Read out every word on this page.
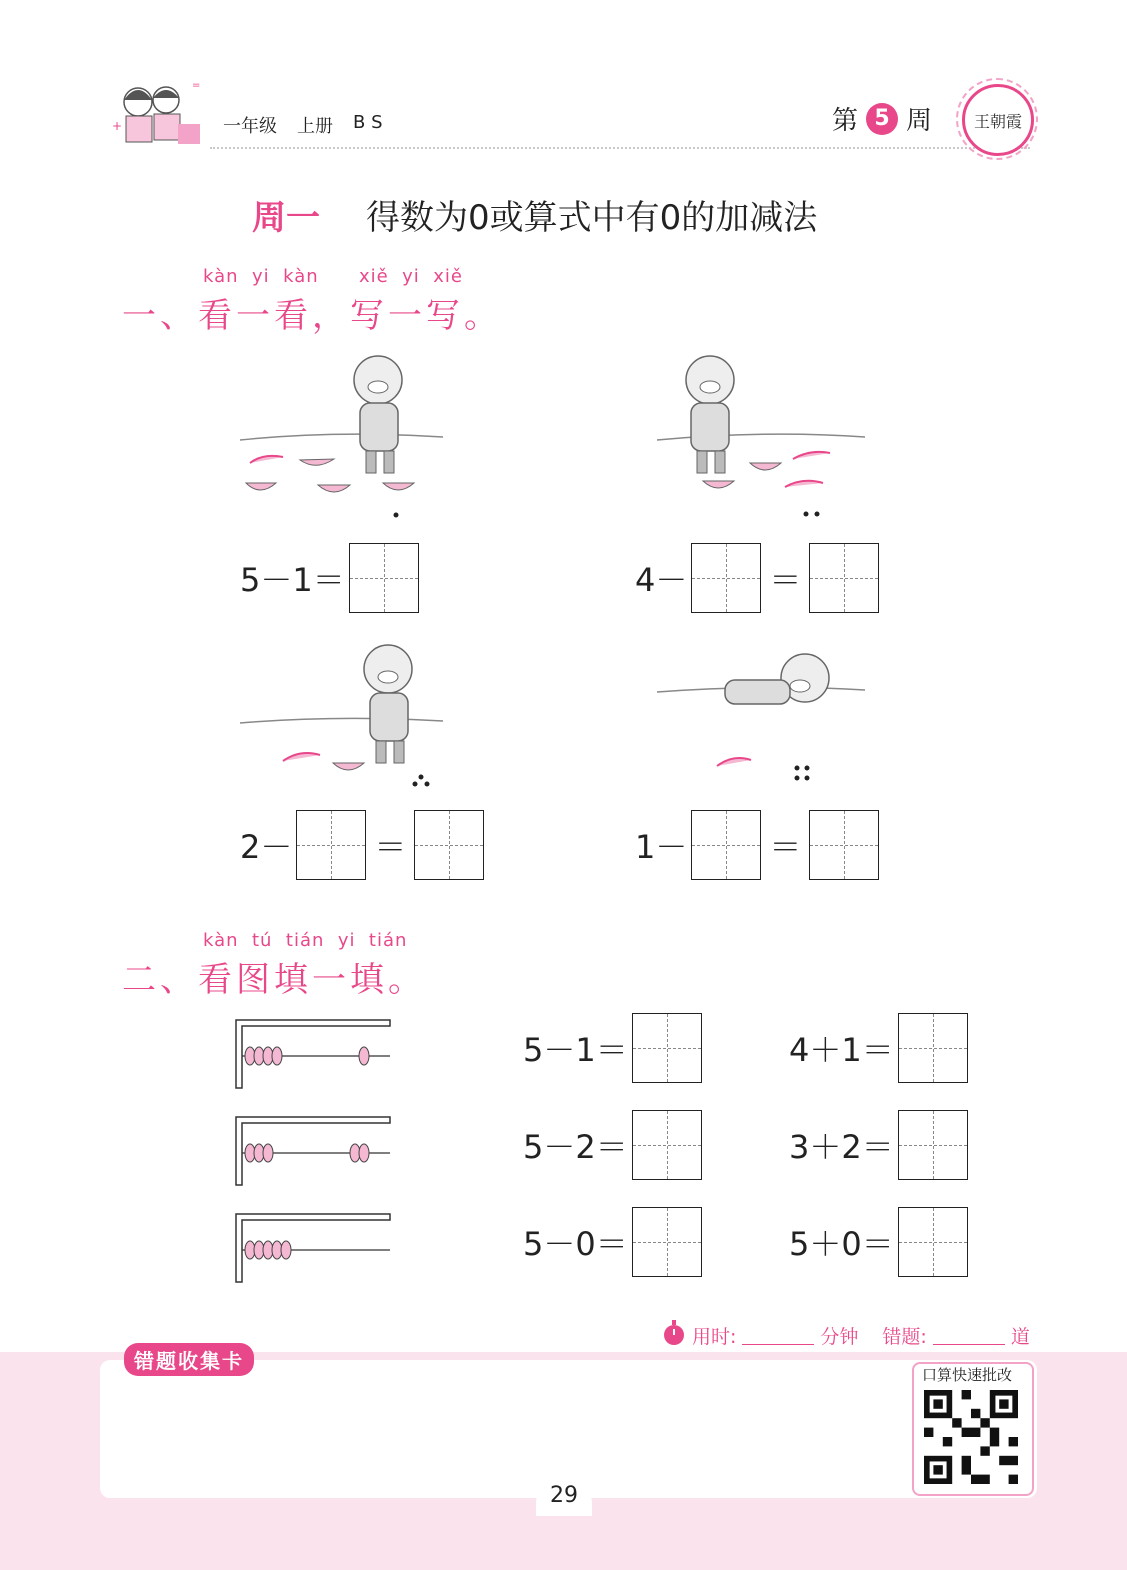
+
=
一年级 上册 B S	第 5 周	王朝霞
周一 得数为0或算式中有0的加减法
kàn  yi  kàn      xiě  yi  xiě
一、看一看，写一写。
5－1＝	4－	＝
2－	＝	1－	＝
kàn  tú  tián  yi  tián
二、看图填一填。
5－1＝	4＋1＝
5－2＝	3＋2＝
5－0＝	5＋0＝
用时:	分钟 错题:	道
错题收集卡
口算快速批改
29
